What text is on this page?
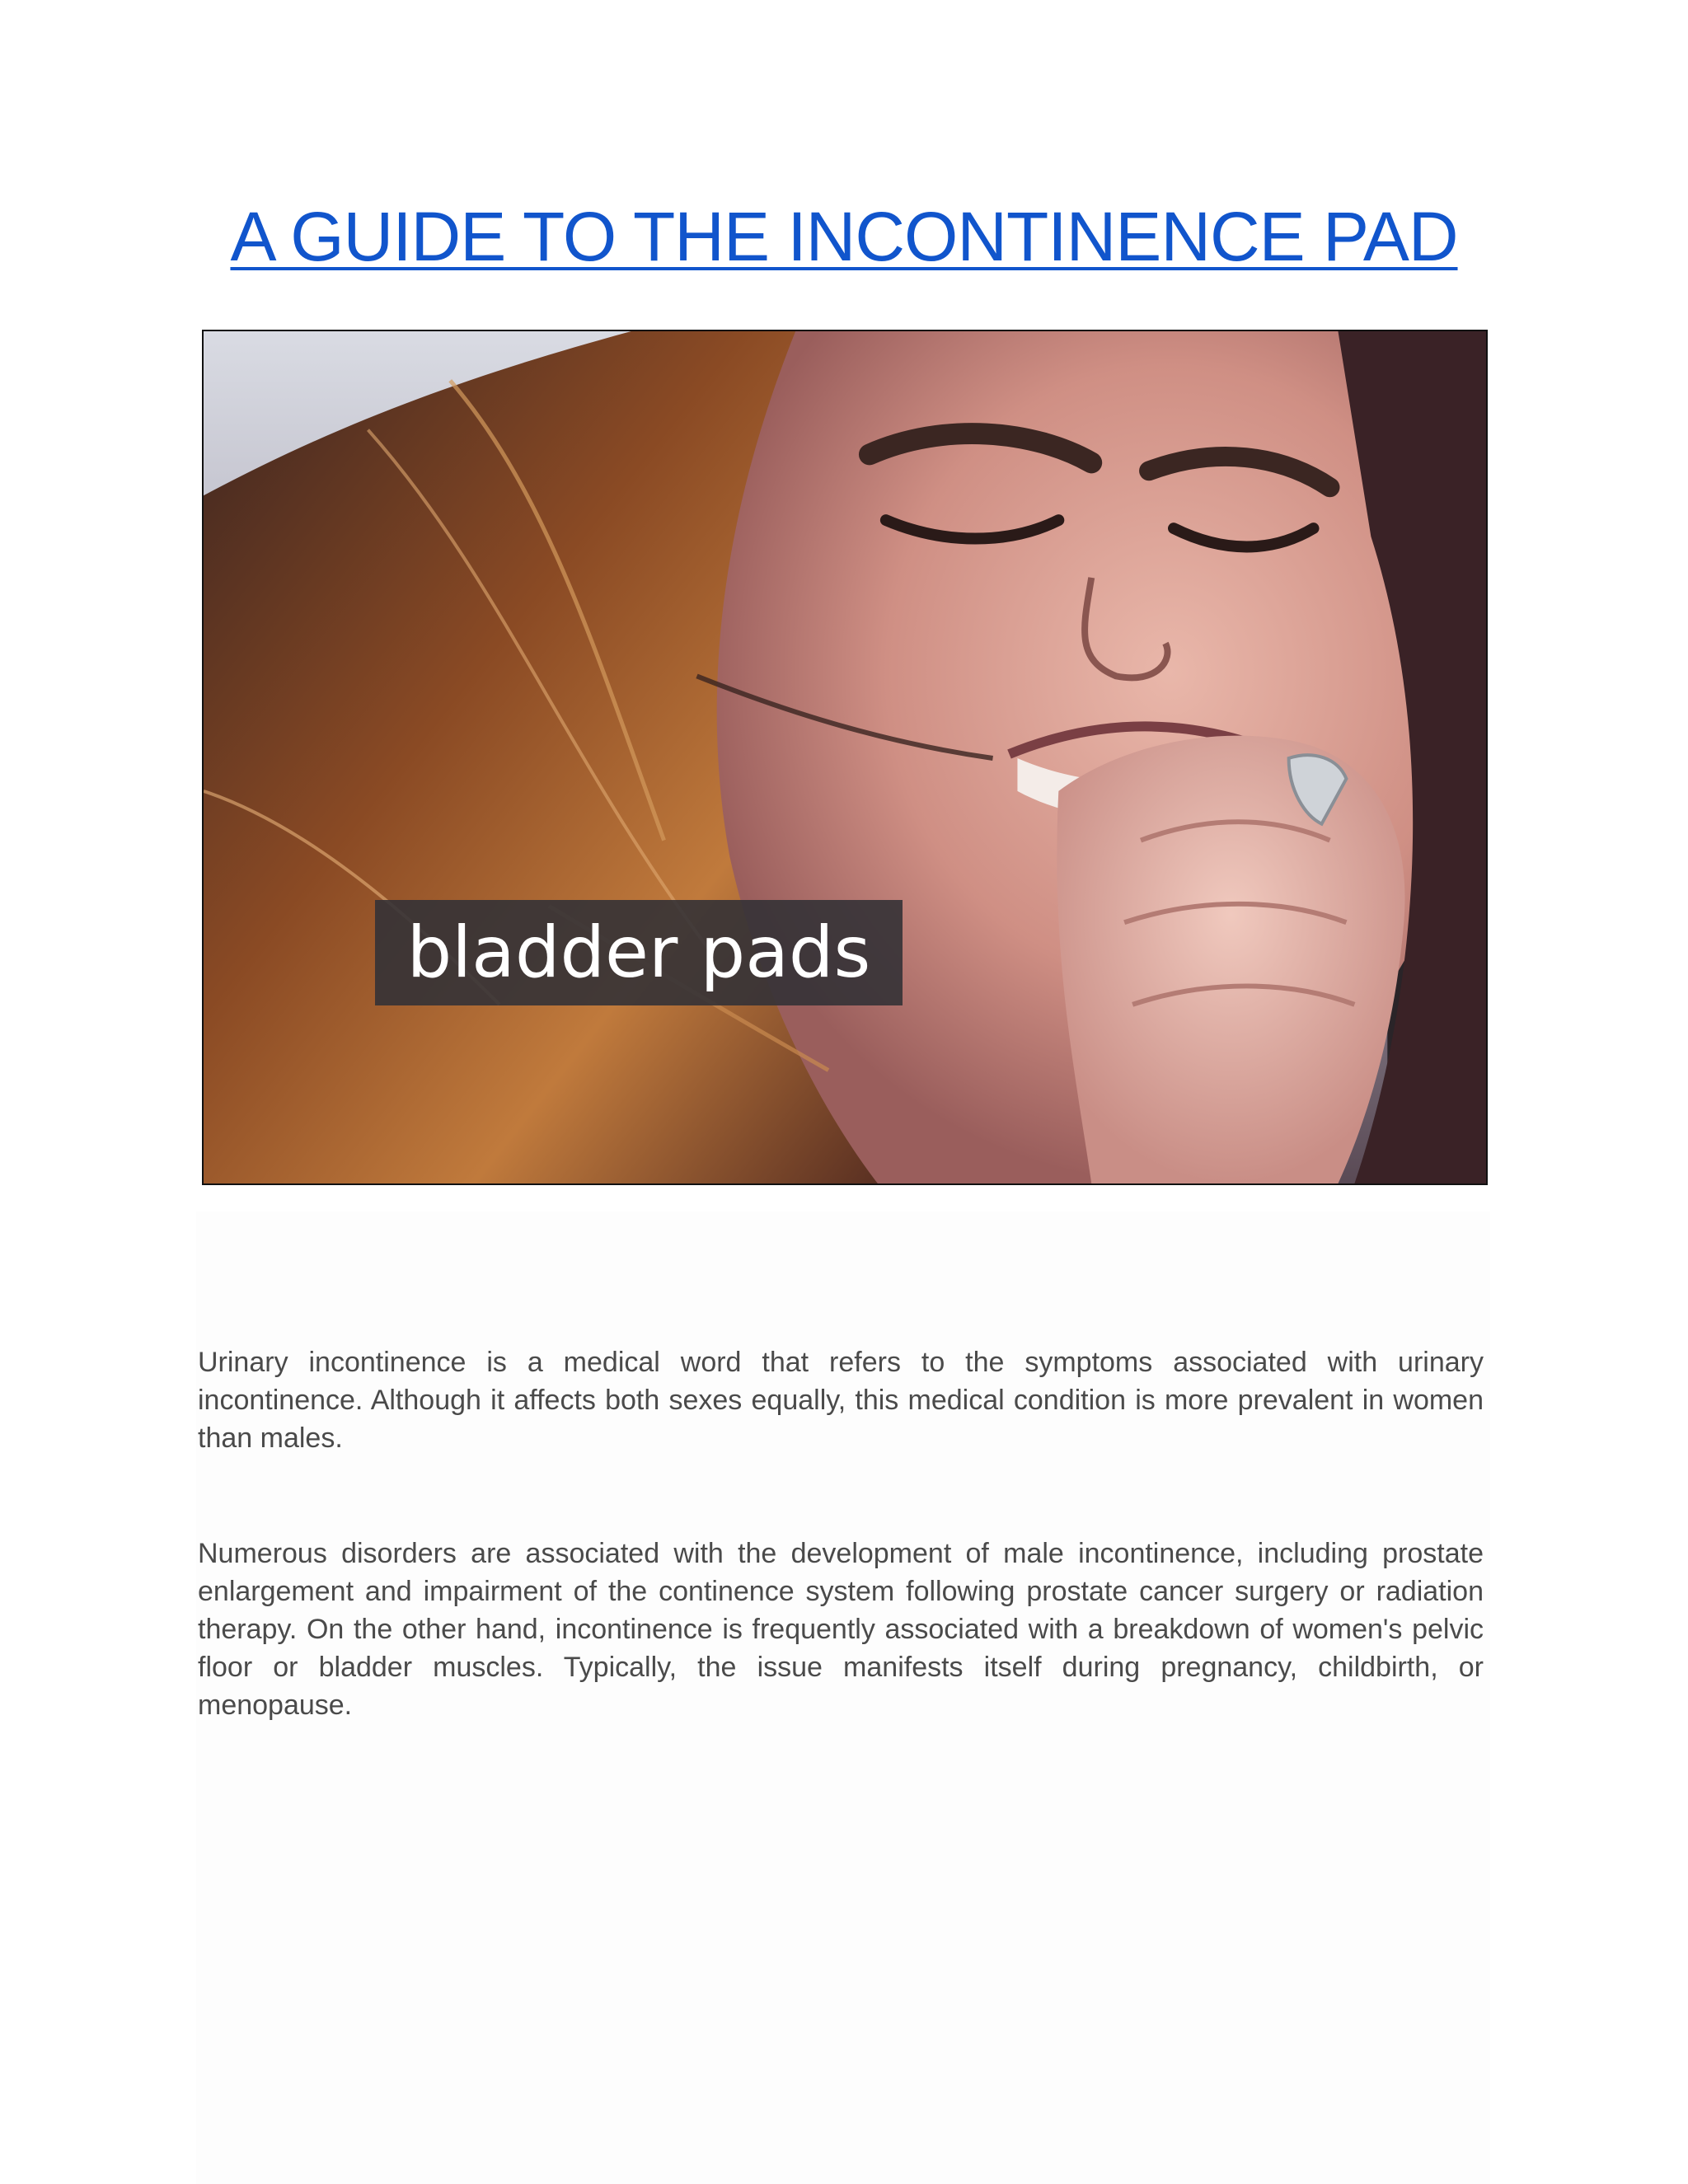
A GUIDE TO THE INCONTINENCE PAD
bladder pads

Urinary incontinence is a medical word that refers to the symptoms associated with urinary incontinence. Although it affects both sexes equally, this medical condition is more prevalent in women than males.

Numerous disorders are associated with the development of male incontinence, including prostate enlargement and impairment of the continence system following prostate cancer surgery or radiation therapy. On the other hand, incontinence is frequently associated with a breakdown of women's pelvic floor or bladder muscles. Typically, the issue manifests itself during pregnancy, childbirth, or menopause.
